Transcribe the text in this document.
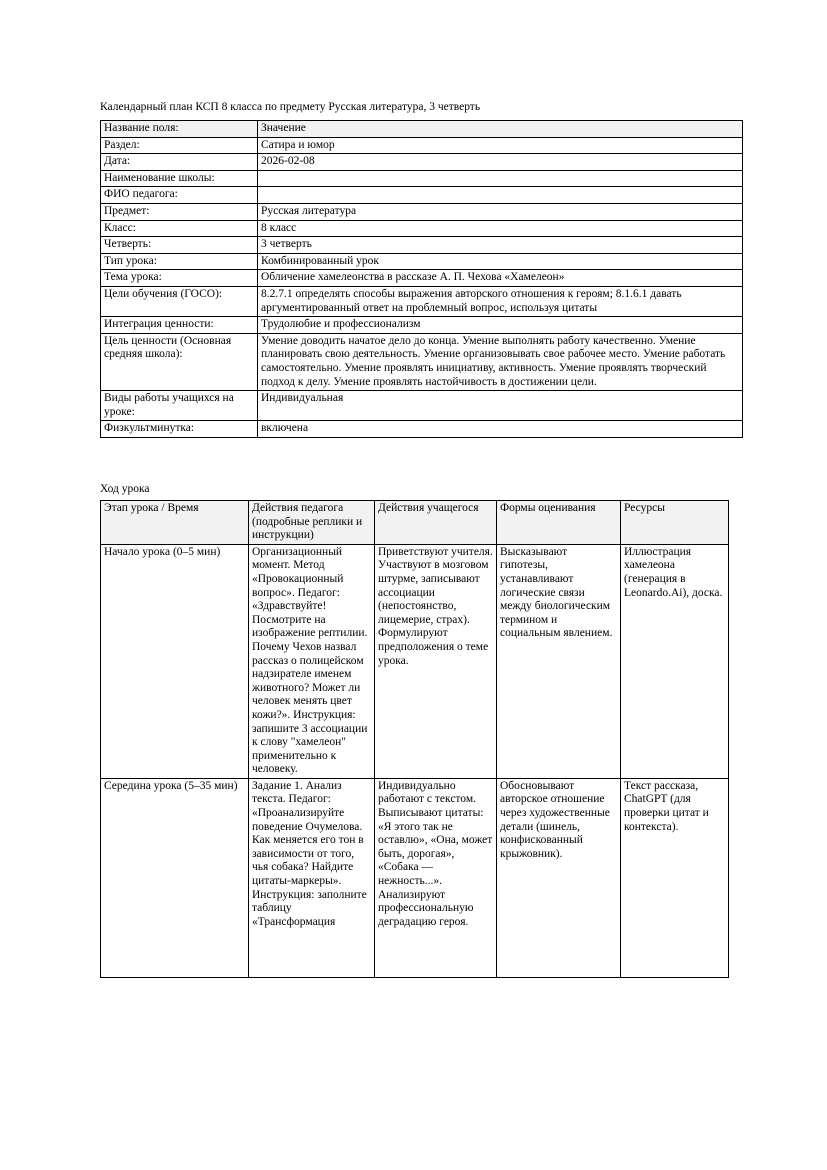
Календарный план КСП 8 класса по предмету Русская литература, 3 четверть
Название поля:	Значение
Раздел:	Сатира и юмор
Дата:	2026-02-08
Наименование школы:	
ФИО педагога:	
Предмет:	Русская литература
Класс:	8 класс
Четверть:	3 четверть
Тип урока:	Комбинированный урок
Тема урока:	Обличение хамелеонства в рассказе А. П. Чехова «Хамелеон»
Цели обучения (ГОСО):	8.2.7.1 определять способы выражения авторского отношения к героям; 8.1.6.1 давать аргументированный ответ на проблемный вопрос, используя цитаты
Интеграция ценности:	Трудолюбие и профессионализм
Цель ценности (Основная средняя школа):	Умение доводить начатое дело до конца. Умение выполнять работу качественно. Умение планировать свою деятельность. Умение организовывать свое рабочее место. Умение работать самостоятельно. Умение проявлять инициативу, активность. Умение проявлять творческий подход к делу. Умение проявлять настойчивость в достижении цели.
Виды работы учащихся на уроке:	Индивидуальная
Физкультминутка:	включена
Ход урока
Этап урока / Время	Действия педагога (подробные реплики и инструкции)	Действия учащегося	Формы оценивания	Ресурсы
Начало урока (0–5 мин)	Организационный момент. Метод «Провокационный вопрос». Педагог: «Здравствуйте! Посмотрите на изображение рептилии. Почему Чехов назвал рассказ о полицейском надзирателе именем животного? Может ли человек менять цвет кожи?». Инструкция: запишите 3 ассоциации к слову "хамелеон" применительно к человеку.	Приветствуют учителя. Участвуют в мозговом штурме, записывают ассоциации (непостоянство, лицемерие, страх). Формулируют предположения о теме урока.	Высказывают гипотезы, устанавливают логические связи между биологическим термином и социальным явлением.	Иллюстрация хамелеона (генерация в Leonardo.Ai), доска.

Середина урока (5–35 мин)	Задание 1. Анализ текста. Педагог: «Проанализируйте поведение Очумелова. Как меняется его тон в зависимости от того, чья собака? Найдите цитаты-маркеры». Инструкция: заполните таблицу «Трансформация	Индивидуально работают с текстом. Выписывают цитаты: «Я этого так не оставлю», «Она, может быть, дорогая», «Собака — нежность...». Анализируют профессиональную деградацию героя.	Обосновывают авторское отношение через художественные детали (шинель, конфискованный крыжовник).	Текст рассказа, ChatGPT (для проверки цитат и контекста).
